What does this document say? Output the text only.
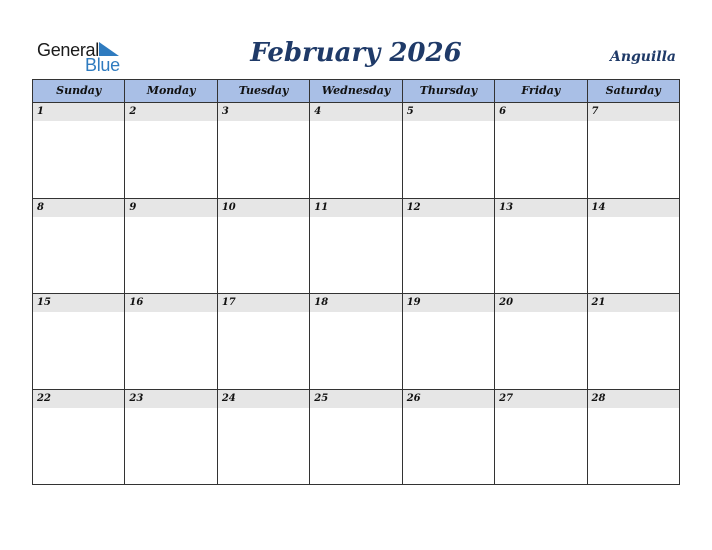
General
Blue	February 2026	Anguilla
Sunday	Monday	Tuesday	Wednesday	Thursday	Friday	Saturday
1	2	3	4	5	6	7
8	9	10	11	12	13	14
15	16	17	18	19	20	21
22	23	24	25	26	27	28
